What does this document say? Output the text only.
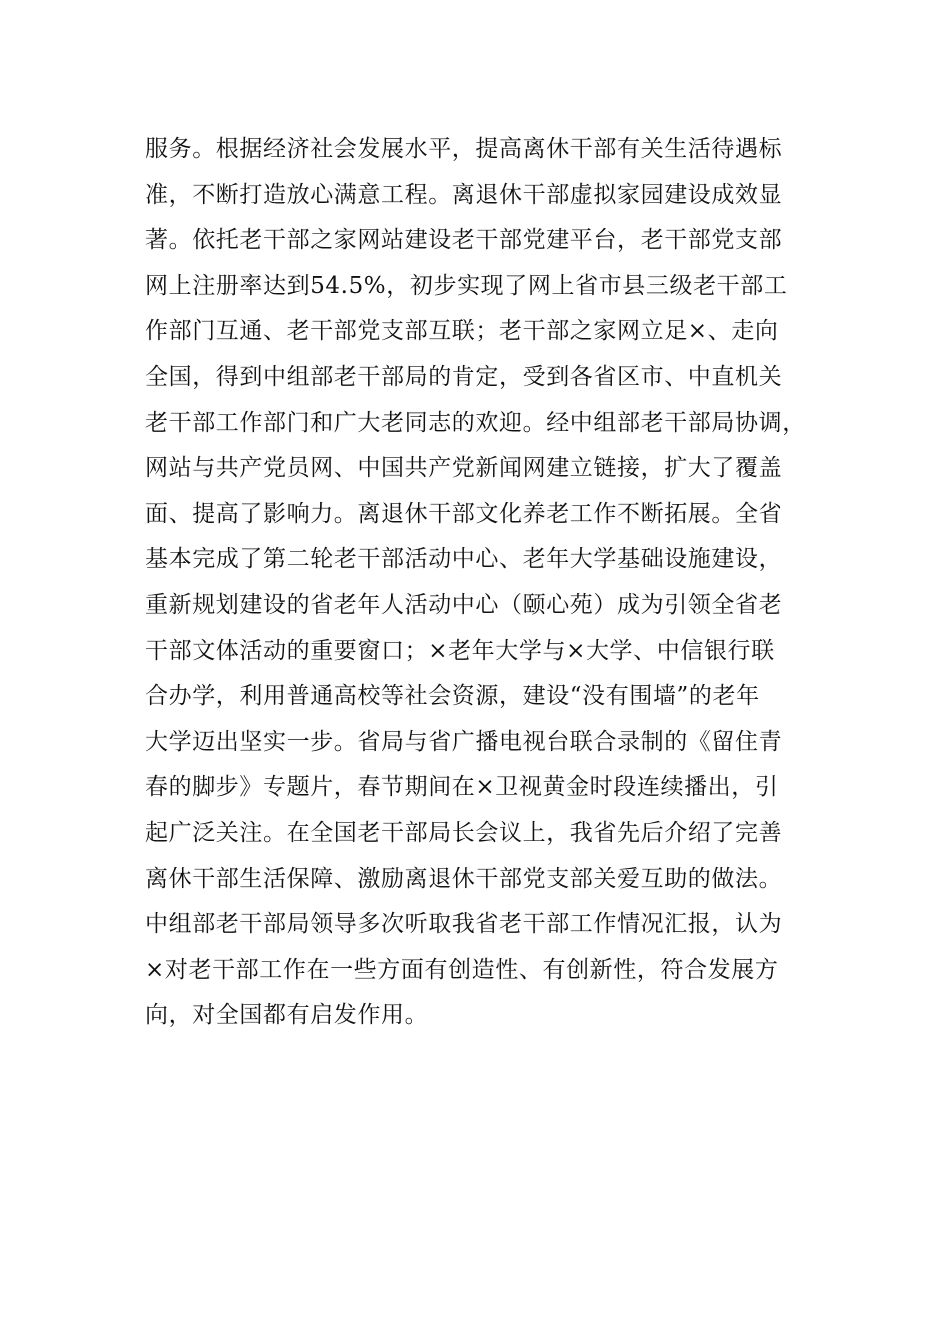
服务。根据经济社会发展水平，提高离休干部有关生活待遇标
准，不断打造放心满意工程。离退休干部虚拟家园建设成效显
著。依托老干部之家网站建设老干部党建平台，老干部党支部
网上注册率达到54.5%，初步实现了网上省市县三级老干部工
作部门互通、老干部党支部互联；老干部之家网立足×、走向
全国，得到中组部老干部局的肯定，受到各省区市、中直机关
老干部工作部门和广大老同志的欢迎。经中组部老干部局协调，
网站与共产党员网、中国共产党新闻网建立链接，扩大了覆盖
面、提高了影响力。离退休干部文化养老工作不断拓展。全省
基本完成了第二轮老干部活动中心、老年大学基础设施建设，
重新规划建设的省老年人活动中心（颐心苑）成为引领全省老
干部文体活动的重要窗口；×老年大学与×大学、中信银行联
合办学，利用普通高校等社会资源，建设“没有围墙”的老年
大学迈出坚实一步。省局与省广播电视台联合录制的《留住青
春的脚步》专题片，春节期间在×卫视黄金时段连续播出，引
起广泛关注。在全国老干部局长会议上，我省先后介绍了完善
离休干部生活保障、激励离退休干部党支部关爱互助的做法。
中组部老干部局领导多次听取我省老干部工作情况汇报，认为
×对老干部工作在一些方面有创造性、有创新性，符合发展方
向，对全国都有启发作用。
